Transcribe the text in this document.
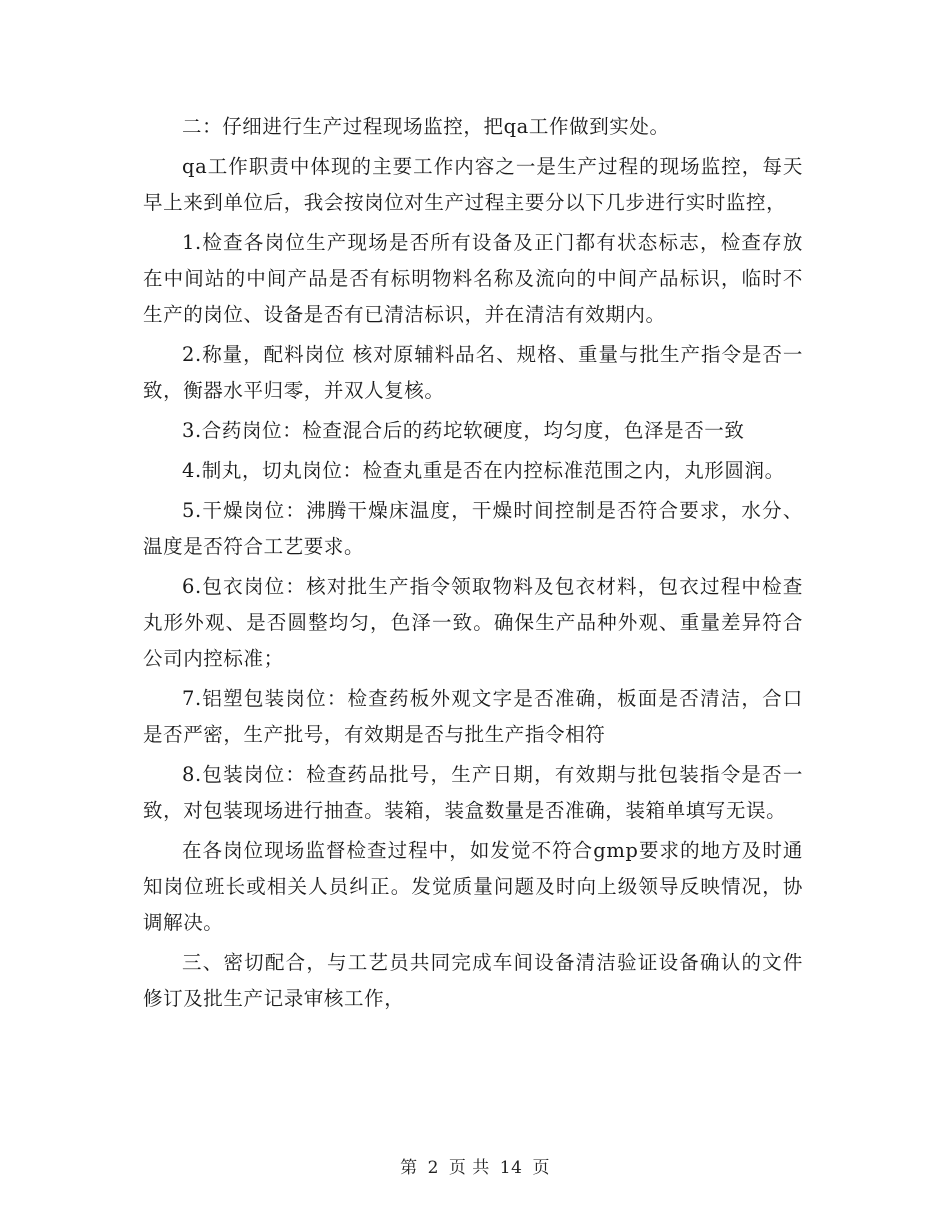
二：仔细进行生产过程现场监控，把qa工作做到实处。

qa工作职责中体现的主要工作内容之一是生产过程的现场监控，每天早上来到单位后，我会按岗位对生产过程主要分以下几步进行实时监控，

1.检查各岗位生产现场是否所有设备及正门都有状态标志，检查存放在中间站的中间产品是否有标明物料名称及流向的中间产品标识，临时不生产的岗位、设备是否有已清洁标识，并在清洁有效期内。

2.称量，配料岗位 核对原辅料品名、规格、重量与批生产指令是否一致，衡器水平归零，并双人复核。

3.合药岗位：检查混合后的药坨软硬度，均匀度，色泽是否一致

4.制丸，切丸岗位：检查丸重是否在内控标准范围之内，丸形圆润。

5.干燥岗位：沸腾干燥床温度，干燥时间控制是否符合要求，水分、温度是否符合工艺要求。

6.包衣岗位：核对批生产指令领取物料及包衣材料，包衣过程中检查丸形外观、是否圆整均匀，色泽一致。确保生产品种外观、重量差异符合公司内控标准；

7.铝塑包装岗位：检查药板外观文字是否准确，板面是否清洁，合口是否严密，生产批号，有效期是否与批生产指令相符

8.包装岗位：检查药品批号，生产日期，有效期与批包装指令是否一致，对包装现场进行抽查。装箱，装盒数量是否准确，装箱单填写无误。

在各岗位现场监督检查过程中，如发觉不符合gmp要求的地方及时通知岗位班长或相关人员纠正。发觉质量问题及时向上级领导反映情况，协调解决。

三、密切配合，与工艺员共同完成车间设备清洁验证设备确认的文件修订及批生产记录审核工作，

第 2 页 共 14 页
